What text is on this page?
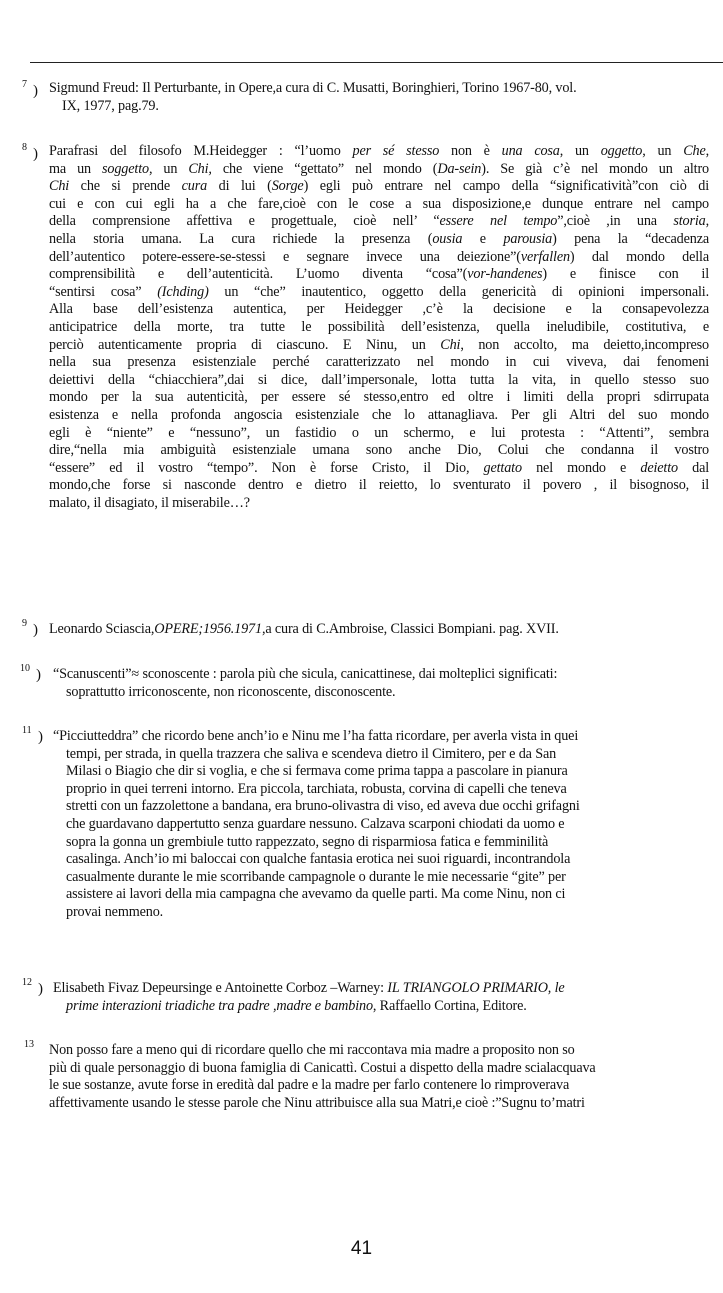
7 ) Sigmund Freud: Il Perturbante, in Opere,a cura di C. Musatti, Boringhieri, Torino 1967-80, vol.
IX, 1977, pag.79.
8 ) Parafrasi del filosofo M.Heidegger : “l’uomo per sé stesso non è una cosa, un oggetto, un Che,
ma un soggetto, un Chi, che viene “gettato” nel mondo (Da-sein). Se già c’è nel mondo un altro
Chi che si prende cura di lui (Sorge) egli può entrare nel campo della “significatività”con ciò di
cui e con cui egli ha a che fare,cioè con le cose a sua disposizione,e dunque entrare nel campo
della comprensione affettiva e progettuale, cioè nell’ “essere nel tempo”,cioè ,in una storia,
nella storia umana. La cura richiede la presenza (ousia e parousia) pena la “decadenza
dell’autentico potere-essere-se-stessi e segnare invece una deiezione”(verfallen) dal mondo della
comprensibilità e dell’autenticità. L’uomo diventa “cosa”(vor-handenes) e finisce con il
“sentirsi cosa” (Ichding) un “che” inautentico, oggetto della genericità di opinioni impersonali.
Alla base dell’esistenza autentica, per Heidegger ,c’è la decisione e la consapevolezza
anticipatrice della morte, tra tutte le possibilità dell’esistenza, quella ineludibile, costitutiva, e
perciò autenticamente propria di ciascuno. E Ninu, un Chi, non accolto, ma deietto,incompreso
nella sua presenza esistenziale perché caratterizzato nel mondo in cui viveva, dai fenomeni
deiettivi della “chiacchiera”,dai si dice, dall’impersonale, lotta tutta la vita, in quello stesso suo
mondo per la sua autenticità, per essere sé stesso,entro ed oltre i limiti della propri sdirrupata
esistenza e nella profonda angoscia esistenziale che lo attanagliava. Per gli Altri del suo mondo
egli è “niente” e “nessuno”, un fastidio o un schermo, e lui protesta : “Attenti”, sembra
dire,“nella mia ambiguità esistenziale umana sono anche Dio, Colui che condanna il vostro
“essere” ed il vostro “tempo”. Non è forse Cristo, il Dio, gettato nel mondo e deietto dal
mondo,che forse si nasconde dentro e dietro il reietto, lo sventurato il povero , il bisognoso, il
malato, il disagiato, il miserabile…?
9 ) Leonardo Sciascia,OPERE;1956.1971,a cura di C.Ambroise, Classici Bompiani. pag. XVII.
10 ) “Scanuscenti”≈ sconoscente : parola più che sicula, canicattinese, dai molteplici significati:
soprattutto irriconoscente, non riconoscente, disconoscente.
11 ) “Picciutteddra” che ricordo bene anch’io e Ninu me l’ha fatta ricordare, per averla vista in quei
tempi, per strada, in quella trazzera che saliva e scendeva dietro il Cimitero, per e da San
Milasi o Biagio che dir si voglia, e che si fermava come prima tappa a pascolare in pianura
proprio in quei terreni intorno. Era piccola, tarchiata, robusta, corvina di capelli che teneva
stretti con un fazzolettone a bandana, era bruno-olivastra di viso, ed aveva due occhi grifagni
che guardavano dappertutto senza guardare nessuno. Calzava scarponi chiodati da uomo e
sopra la gonna un grembiule tutto rappezzato, segno di risparmiosa fatica e femminilità
casalinga. Anch’io mi baloccai con qualche fantasia erotica nei suoi riguardi, incontrandola
casualmente durante le mie scorribande campagnole o durante le mie necessarie “gite” per
assistere ai lavori della mia campagna che avevamo da quelle parti. Ma come Ninu, non ci
provai nemmeno.
12 ) Elisabeth Fivaz Depeursinge e Antoinette Corboz –Warney: IL TRIANGOLO PRIMARIO, le
prime interazioni triadiche tra padre ,madre e bambino, Raffaello Cortina, Editore.
13 Non posso fare a meno qui di ricordare quello che mi raccontava mia madre a proposito non so
più di quale personaggio di buona famiglia di Canicattì. Costui a dispetto della madre scialacquava
le sue sostanze, avute forse in eredità dal padre e la madre per farlo contenere lo rimproverava
affettivamente usando le stesse parole che Ninu attribuisce alla sua Matri,e cioè :”Sugnu to’matri
41
